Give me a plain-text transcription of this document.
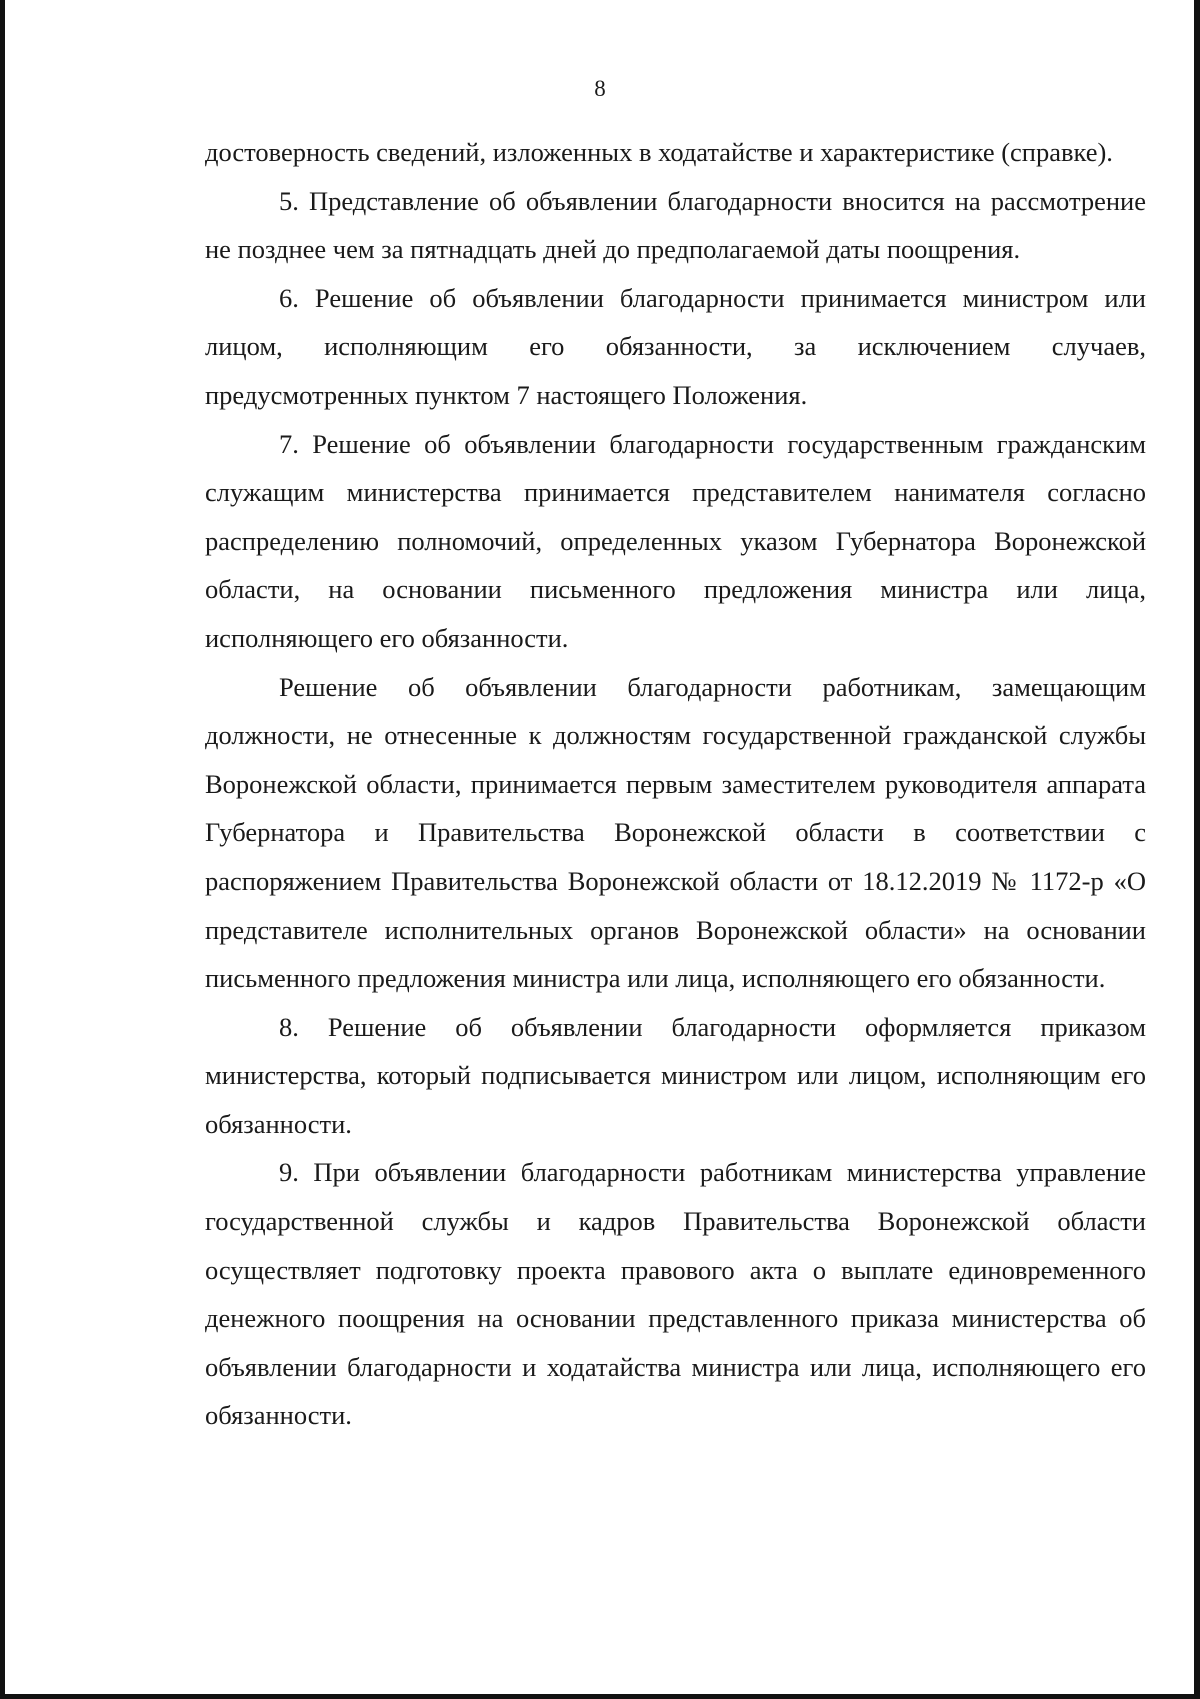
8

достоверность сведений, изложенных в ходатайстве и характеристике (справке).

5. Представление об объявлении благодарности вносится на рассмотрение не позднее чем за пятнадцать дней до предполагаемой даты поощрения.

6. Решение об объявлении благодарности принимается министром или лицом, исполняющим его обязанности, за исключением случаев, предусмотренных пунктом 7 настоящего Положения.

7. Решение об объявлении благодарности государственным гражданским служащим министерства принимается представителем нанимателя согласно распределению полномочий, определенных указом Губернатора Воронежской области, на основании письменного предложения министра или лица, исполняющего его обязанности.

Решение об объявлении благодарности работникам, замещающим должности, не отнесенные к должностям государственной гражданской службы Воронежской области, принимается первым заместителем руководителя аппарата Губернатора и Правительства Воронежской области в соответствии с распоряжением Правительства Воронежской области от 18.12.2019 № 1172-р «О представителе исполнительных органов Воронежской области» на основании письменного предложения министра или лица, исполняющего его обязанности.

8. Решение об объявлении благодарности оформляется приказом министерства, который подписывается министром или лицом, исполняющим его обязанности.

9. При объявлении благодарности работникам министерства управление государственной службы и кадров Правительства Воронежской области осуществляет подготовку проекта правового акта о выплате единовременного денежного поощрения на основании представленного приказа министерства об объявлении благодарности и ходатайства министра или лица, исполняющего его обязанности.
